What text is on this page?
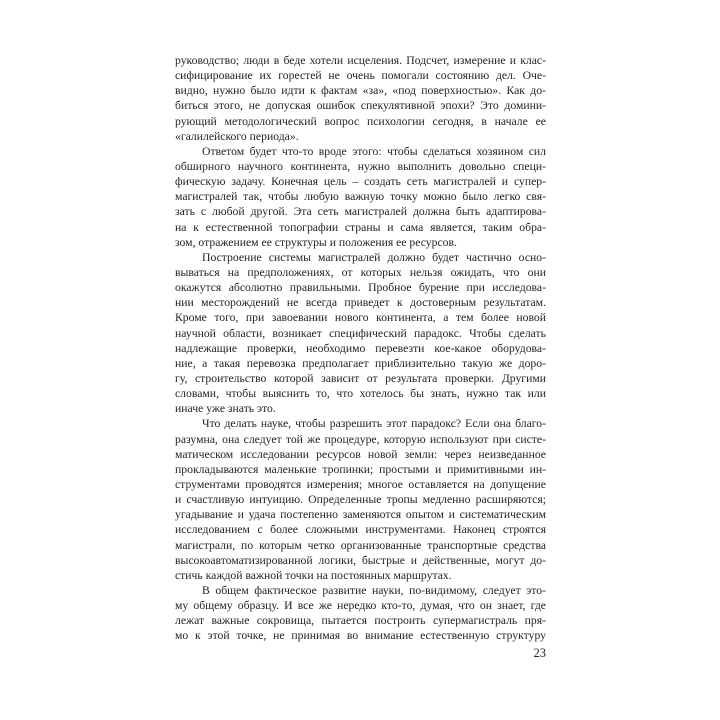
руководство; люди в беде хотели исцеления. Подсчет, измерение и клас-
сифицирование их горестей не очень помогали состоянию дел. Оче-
видно, нужно было идти к фактам «за», «под поверхностью». Как до-
биться этого, не допуская ошибок спекулятивной эпохи? Это домини-
рующий методологический вопрос психологии сегодня, в начале ее
«галилейского периода».
Ответом будет что-то вроде этого: чтобы сделаться хозяином сил
обширного научного континента, нужно выполнить довольно специ-
фическую задачу. Конечная цель – создать сеть магистралей и супер-
магистралей так, чтобы любую важную точку можно было легко свя-
зать с любой другой. Эта сеть магистралей должна быть адаптирова-
на к естественной топографии страны и сама является, таким обра-
зом, отражением ее структуры и положения ее ресурсов.
Построение системы магистралей должно будет частично осно-
вываться на предположениях, от которых нельзя ожидать, что они
окажутся абсолютно правильными. Пробное бурение при исследова-
нии месторождений не всегда приведет к достоверным результатам.
Кроме того, при завоевании нового континента, а тем более новой
научной области, возникает специфический парадокс. Чтобы сделать
надлежащие проверки, необходимо перевезти кое-какое оборудова-
ние, а такая перевозка предполагает приблизительно такую же доро-
гу, строительство которой зависит от результата проверки. Другими
словами, чтобы выяснить то, что хотелось бы знать, нужно так или
иначе уже знать это.
Что делать науке, чтобы разрешить этот парадокс? Если она благо-
разумна, она следует той же процедуре, которую используют при систе-
матическом исследовании ресурсов новой земли: через неизведанное
прокладываются маленькие тропинки; простыми и примитивными ин-
струментами проводятся измерения; многое оставляется на допущение
и счастливую интуицию. Определенные тропы медленно расширяются;
угадывание и удача постепенно заменяются опытом и систематическим
исследованием с более сложными инструментами. Наконец строятся
магистрали, по которым четко организованные транспортные средства
высокоавтоматизированной логики, быстрые и действенные, могут до-
стичь каждой важной точки на постоянных маршрутах.
В общем фактическое развитие науки, по-видимому, следует это-
му общему образцу. И все же нередко кто-то, думая, что он знает, где
лежат важные сокровища, пытается построить супермагистраль пря-
мо к этой точке, не принимая во внимание естественную структуру
23
